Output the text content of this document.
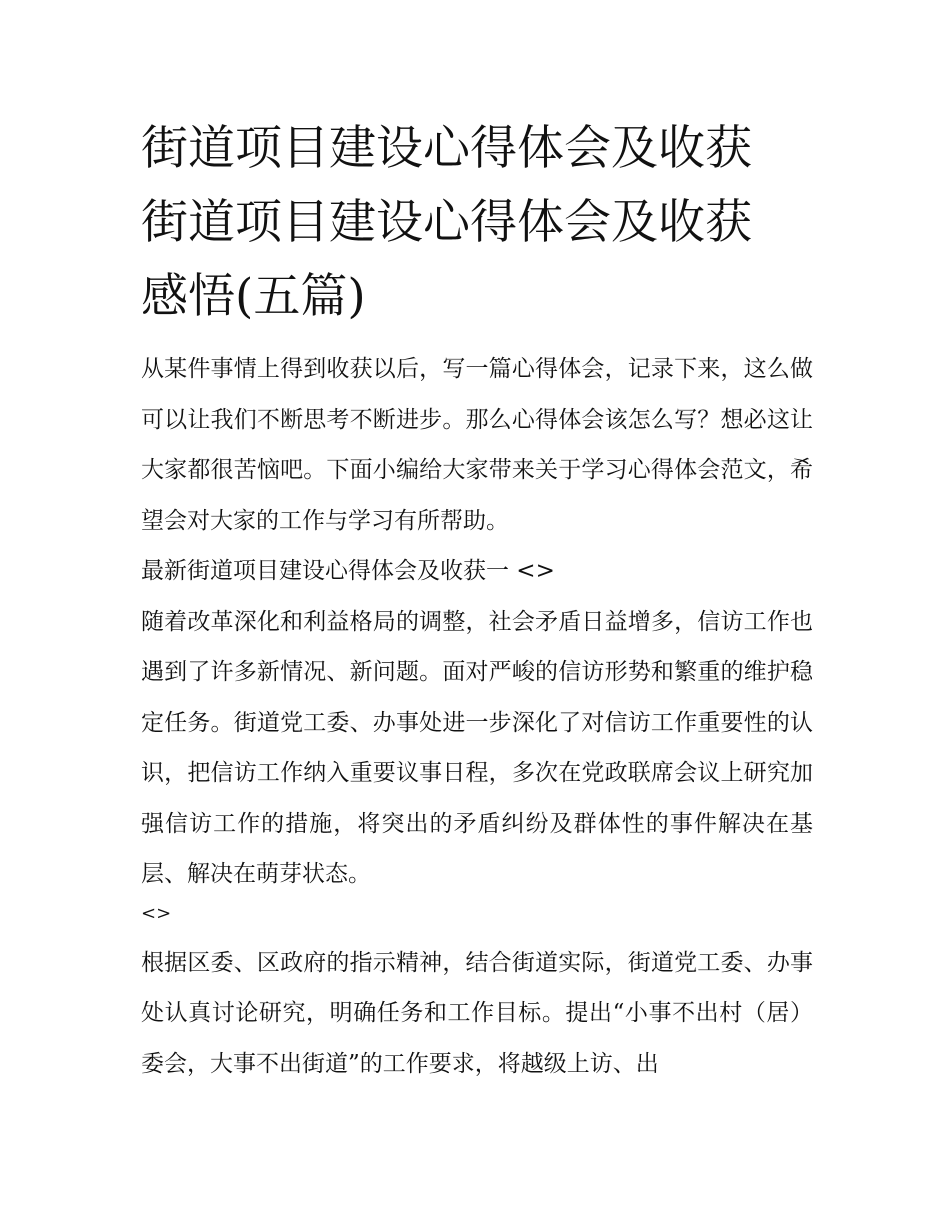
街道项目建设心得体会及收获
街道项目建设心得体会及收获
感悟(五篇)

从某件事情上得到收获以后，写一篇心得体会，记录下来，这么做可以让我们不断思考不断进步。那么心得体会该怎么写？想必这让大家都很苦恼吧。下面小编给大家带来关于学习心得体会范文，希望会对大家的工作与学习有所帮助。

最新街道项目建设心得体会及收获一 <>

随着改革深化和利益格局的调整，社会矛盾日益增多，信访工作也遇到了许多新情况、新问题。面对严峻的信访形势和繁重的维护稳定任务。街道党工委、办事处进一步深化了对信访工作重要性的认识，把信访工作纳入重要议事日程，多次在党政联席会议上研究加强信访工作的措施，将突出的矛盾纠纷及群体性的事件解决在基层、解决在萌芽状态。

<>

根据区委、区政府的指示精神，结合街道实际，街道党工委、办事处认真讨论研究，明确任务和工作目标。提出“小事不出村（居）委会，大事不出街道”的工作要求，将越级上访、出
